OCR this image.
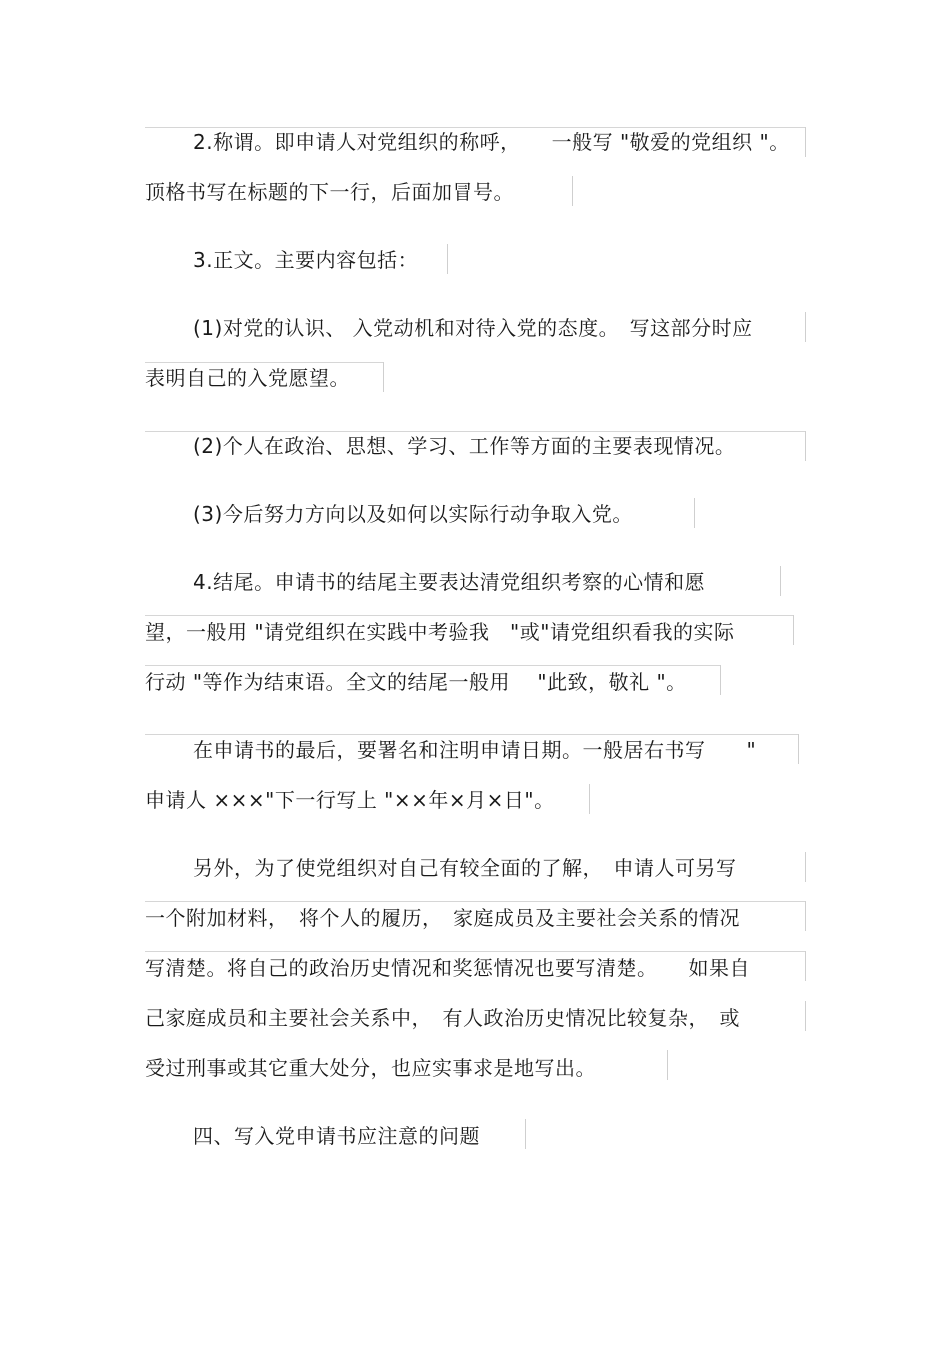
2.称谓。即申请人对党组织的称呼，　　一般写 "敬爱的党组织 "。
顶格书写在标题的下一行，后面加冒号。
3.正文。主要内容包括：
(1)对党的认识、 入党动机和对待入党的态度。　写这部分时应
表明自己的入党愿望。
(2)个人在政治、思想、学习、工作等方面的主要表现情况。
(3)今后努力方向以及如何以实际行动争取入党。
4.结尾。申请书的结尾主要表达清党组织考察的心情和愿
望，一般用 "请党组织在实践中考验我　"或"请党组织看我的实际
行动 "等作为结束语。全文的结尾一般用　 "此致，敬礼 "。
在申请书的最后，要署名和注明申请日期。一般居右书写　　"
申请人 ×××"下一行写上 "××年×月×日"。
另外，为了使党组织对自己有较全面的了解，　申请人可另写
一个附加材料，　将个人的履历，　家庭成员及主要社会关系的情况
写清楚。将自己的政治历史情况和奖惩情况也要写清楚。　　如果自
己家庭成员和主要社会关系中，　有人政治历史情况比较复杂，　或
受过刑事或其它重大处分，也应实事求是地写出。
四、写入党申请书应注意的问题
